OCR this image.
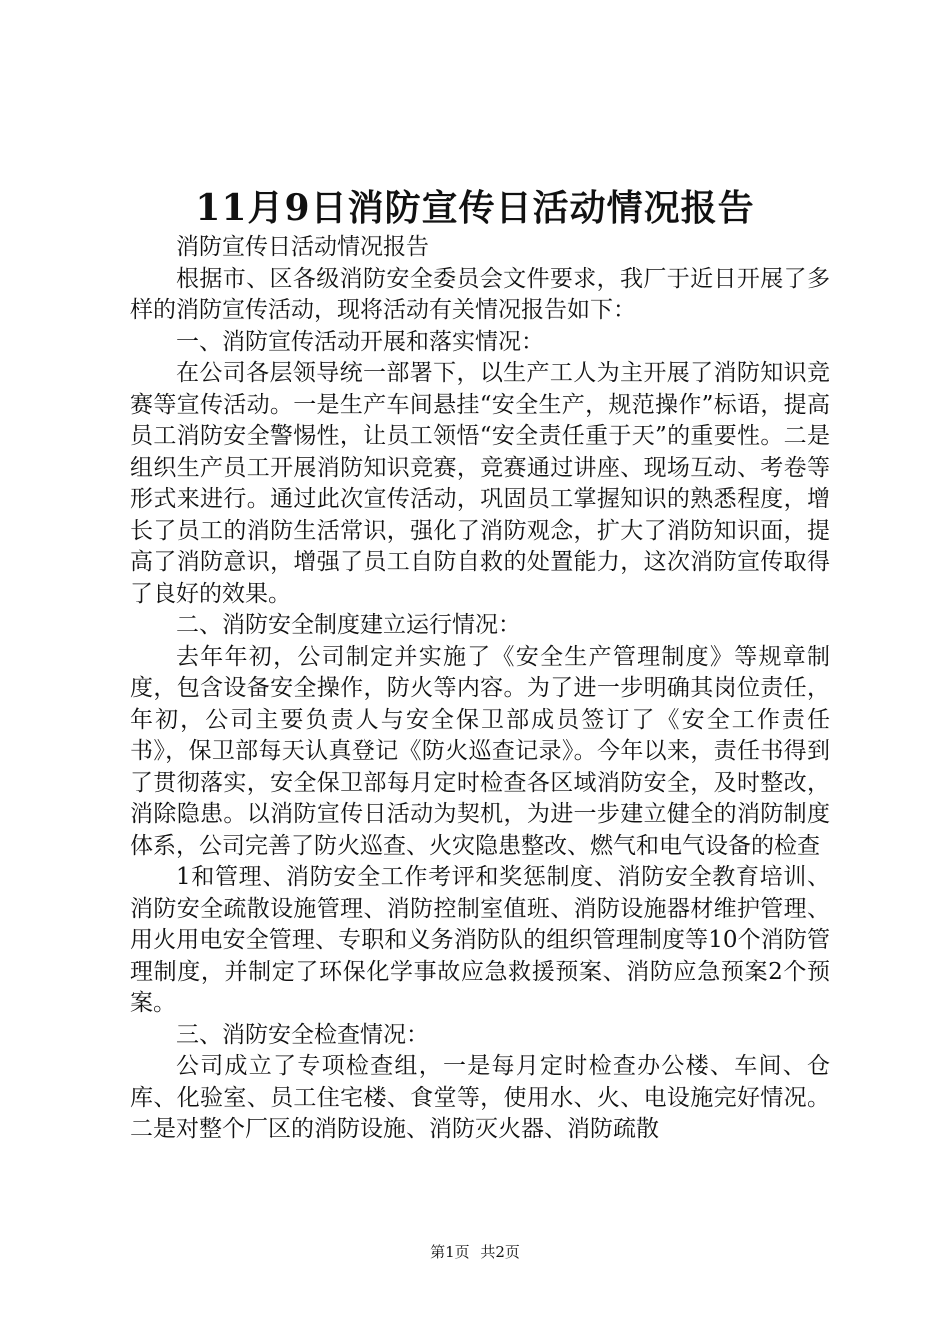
11月9日消防宣传日活动情况报告

消防宣传日活动情况报告

根据市、区各级消防安全委员会文件要求，我厂于近日开展了多样的消防宣传活动，现将活动有关情况报告如下：

一、消防宣传活动开展和落实情况：

在公司各层领导统一部署下，以生产工人为主开展了消防知识竞赛等宣传活动。一是生产车间悬挂“安全生产，规范操作”标语，提高员工消防安全警惕性，让员工领悟“安全责任重于天”的重要性。二是组织生产员工开展消防知识竞赛，竞赛通过讲座、现场互动、考卷等形式来进行。通过此次宣传活动，巩固员工掌握知识的熟悉程度，增长了员工的消防生活常识，强化了消防观念，扩大了消防知识面，提高了消防意识，增强了员工自防自救的处置能力，这次消防宣传取得了良好的效果。

二、消防安全制度建立运行情况：

去年年初，公司制定并实施了《安全生产管理制度》等规章制度，包含设备安全操作，防火等内容。为了进一步明确其岗位责任，年初，公司主要负责人与安全保卫部成员签订了《安全工作责任书》，保卫部每天认真登记《防火巡查记录》。今年以来，责任书得到了贯彻落实，安全保卫部每月定时检查各区域消防安全，及时整改，消除隐患。以消防宣传日活动为契机，为进一步建立健全的消防制度体系，公司完善了防火巡查、火灾隐患整改、燃气和电气设备的检查

1和管理、消防安全工作考评和奖惩制度、消防安全教育培训、消防安全疏散设施管理、消防控制室值班、消防设施器材维护管理、用火用电安全管理、专职和义务消防队的组织管理制度等10个消防管理制度，并制定了环保化学事故应急救援预案、消防应急预案2个预案。

三、消防安全检查情况：

公司成立了专项检查组，一是每月定时检查办公楼、车间、仓库、化验室、员工住宅楼、食堂等，使用水、火、电设施完好情况。二是对整个厂区的消防设施、消防灭火器、消防疏散

第1页 共2页
